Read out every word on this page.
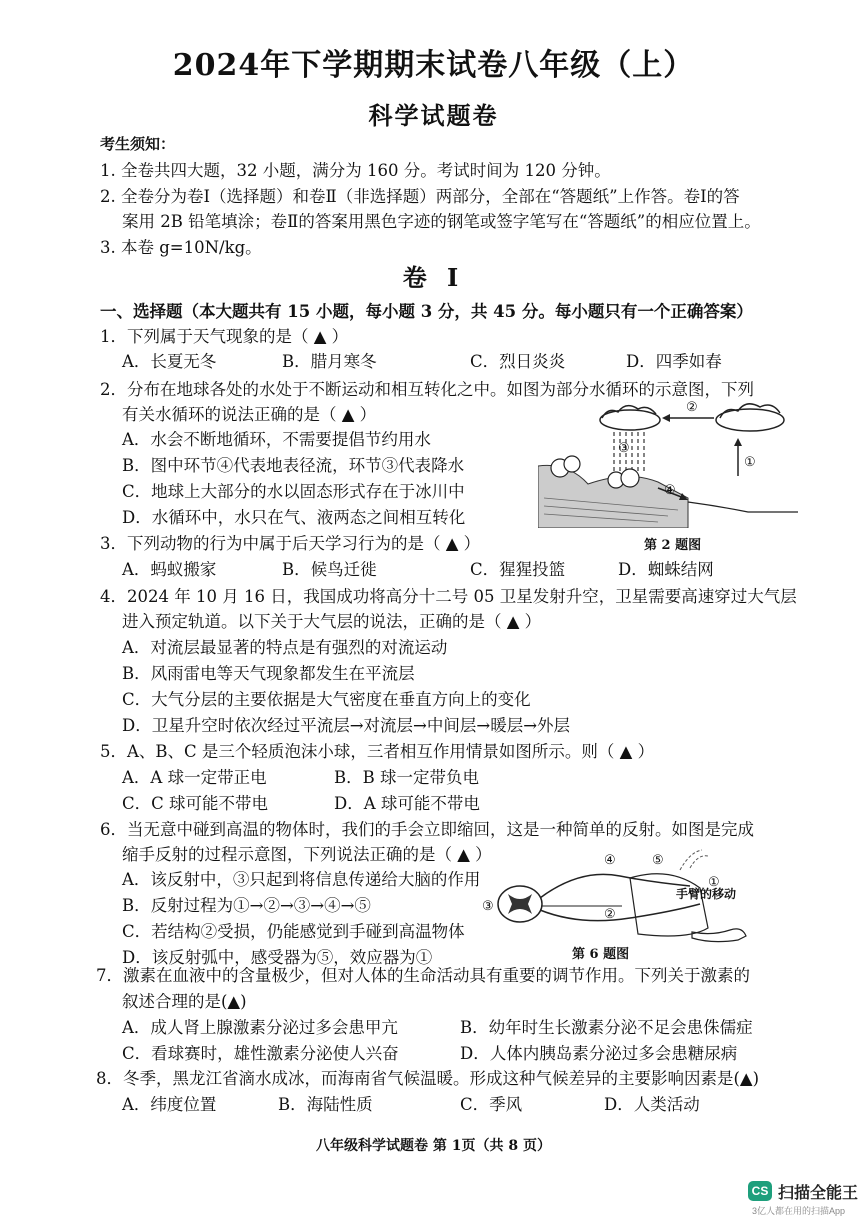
2024年下学期期末试卷八年级（上）
科学试题卷
考生须知：
1. 全卷共四大题，32 小题，满分为 160 分。考试时间为 120 分钟。
2. 全卷分为卷Ⅰ（选择题）和卷Ⅱ（非选择题）两部分，全部在“答题纸”上作答。卷Ⅰ的答
案用 2B 铅笔填涂；卷Ⅱ的答案用黑色字迹的钢笔或签字笔写在“答题纸”的相应位置上。
3. 本卷 g=10N/kg。
卷 Ⅰ
一、选择题（本大题共有 15 小题，每小题 3 分，共 45 分。每小题只有一个正确答案）
1．下列属于天气现象的是（ ▲ ）
A．长夏无冬	B．腊月寒冬	C．烈日炎炎	D．四季如春
2．分布在地球各处的水处于不断运动和相互转化之中。如图为部分水循环的示意图，下列
有关水循环的说法正确的是（ ▲ ）
A．水会不断地循环，不需要提倡节约用水
B．图中环节④代表地表径流，环节③代表降水
C．地球上大部分的水以固态形式存在于冰川中
D．水循环中，水只在气、液两态之间相互转化
②
①
③
④
第 2 题图
3．下列动物的行为中属于后天学习行为的是（ ▲ ）
A．蚂蚁搬家	B．候鸟迁徙	C．猩猩投篮	D．蜘蛛结网
4．2024 年 10 月 16 日，我国成功将高分十二号 05 卫星发射升空，卫星需要高速穿过大气层
进入预定轨道。以下关于大气层的说法，正确的是（ ▲ ）
A．对流层最显著的特点是有强烈的对流运动
B．风雨雷电等天气现象都发生在平流层
C．大气分层的主要依据是大气密度在垂直方向上的变化
D．卫星升空时依次经过平流层→对流层→中间层→暖层→外层
5．A、B、C 是三个轻质泡沫小球，三者相互作用情景如图所示。则（ ▲ ）
A．A 球一定带正电	B．B 球一定带负电
C．C 球可能不带电	D．A 球可能不带电
6．当无意中碰到高温的物体时，我们的手会立即缩回，这是一种简单的反射。如图是完成
缩手反射的过程示意图，下列说法正确的是（ ▲ ）
A．该反射中，③只起到将信息传递给大脑的作用
B．反射过程为①→②→③→④→⑤
C．若结构②受损，仍能感觉到手碰到高温物体
D．该反射弧中，感受器为⑤，效应器为①
③
④	⑤
②
①
手臂的移动
第 6 题图
7．激素在血液中的含量极少，但对人体的生命活动具有重要的调节作用。下列关于激素的
叙述合理的是(▲)
A．成人肾上腺激素分泌过多会患甲亢	B．幼年时生长激素分泌不足会患侏儒症
C．看球赛时，雄性激素分泌使人兴奋	D．人体内胰岛素分泌过多会患糖尿病
8．冬季，黑龙江省滴水成冰，而海南省气候温暖。形成这种气候差异的主要影响因素是(▲)
A．纬度位置	B．海陆性质	C．季风	D．人类活动
八年级科学试题卷 第 1页（共 8 页）
CS 扫描全能王
3亿人都在用的扫描App
